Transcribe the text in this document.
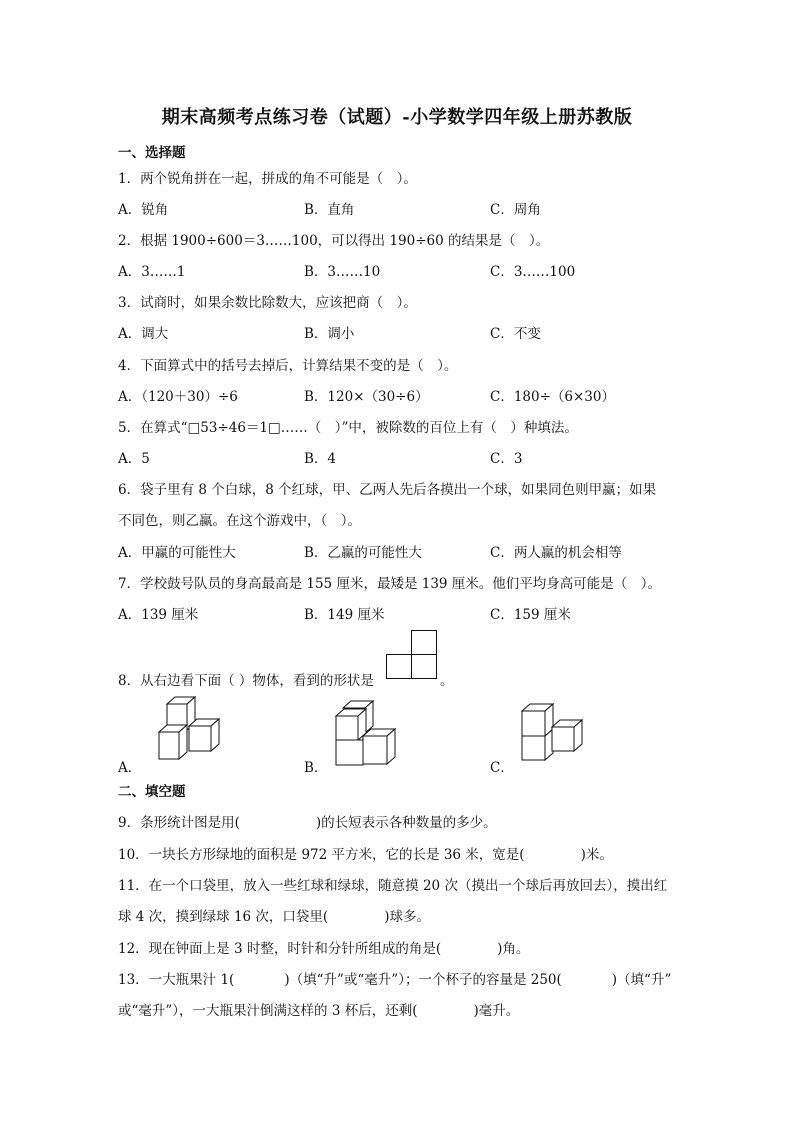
期末高频考点练习卷（试题）-小学数学四年级上册苏教版
一、选择题
1．两个锐角拼在一起，拼成的角不可能是（　）。
A．锐角	B．直角	C．周角
2．根据 1900÷600＝3……100，可以得出 190÷60 的结果是（　）。
A．3……1	B．3……10	C．3……100
3．试商时，如果余数比除数大，应该把商（　）。
A．调大	B．调小	C．不变
4．下面算式中的括号去掉后，计算结果不变的是（　）。
A．（120＋30）÷6	B．120×（30÷6）	C．180÷（6×30）
5．在算式“□53÷46＝1□……（　）”中，被除数的百位上有（　）种填法。
A．5	B．4	C．3
6．袋子里有 8 个白球，8 个红球，甲、乙两人先后各摸出一个球，如果同色则甲赢；如果
不同色，则乙赢。在这个游戏中，（　）。
A．甲赢的可能性大	B．乙赢的可能性大	C．两人赢的机会相等
7．学校鼓号队员的身高最高是 155 厘米，最矮是 139 厘米。他们平均身高可能是（　）。
A．139 厘米	B．149 厘米	C．159 厘米
8．从右边看下面（ ）物体，看到的形状是	。
A．	B．	C．
二、填空题
9．条形统计图是用(	)的长短表示各种数量的多少。
10．一块长方形绿地的面积是 972 平方米，它的长是 36 米，宽是(	)米。
11．在一个口袋里，放入一些红球和绿球，随意摸 20 次（摸出一个球后再放回去），摸出红
球 4 次，摸到绿球 16 次，口袋里(	)球多。
12．现在钟面上是 3 时整，时针和分针所组成的角是(	)角。
13．一大瓶果汁 1(	)（填“升”或“毫升”）；一个杯子的容量是 250(	)（填“升”
或“毫升”），一大瓶果汁倒满这样的 3 杯后，还剩(	)毫升。
